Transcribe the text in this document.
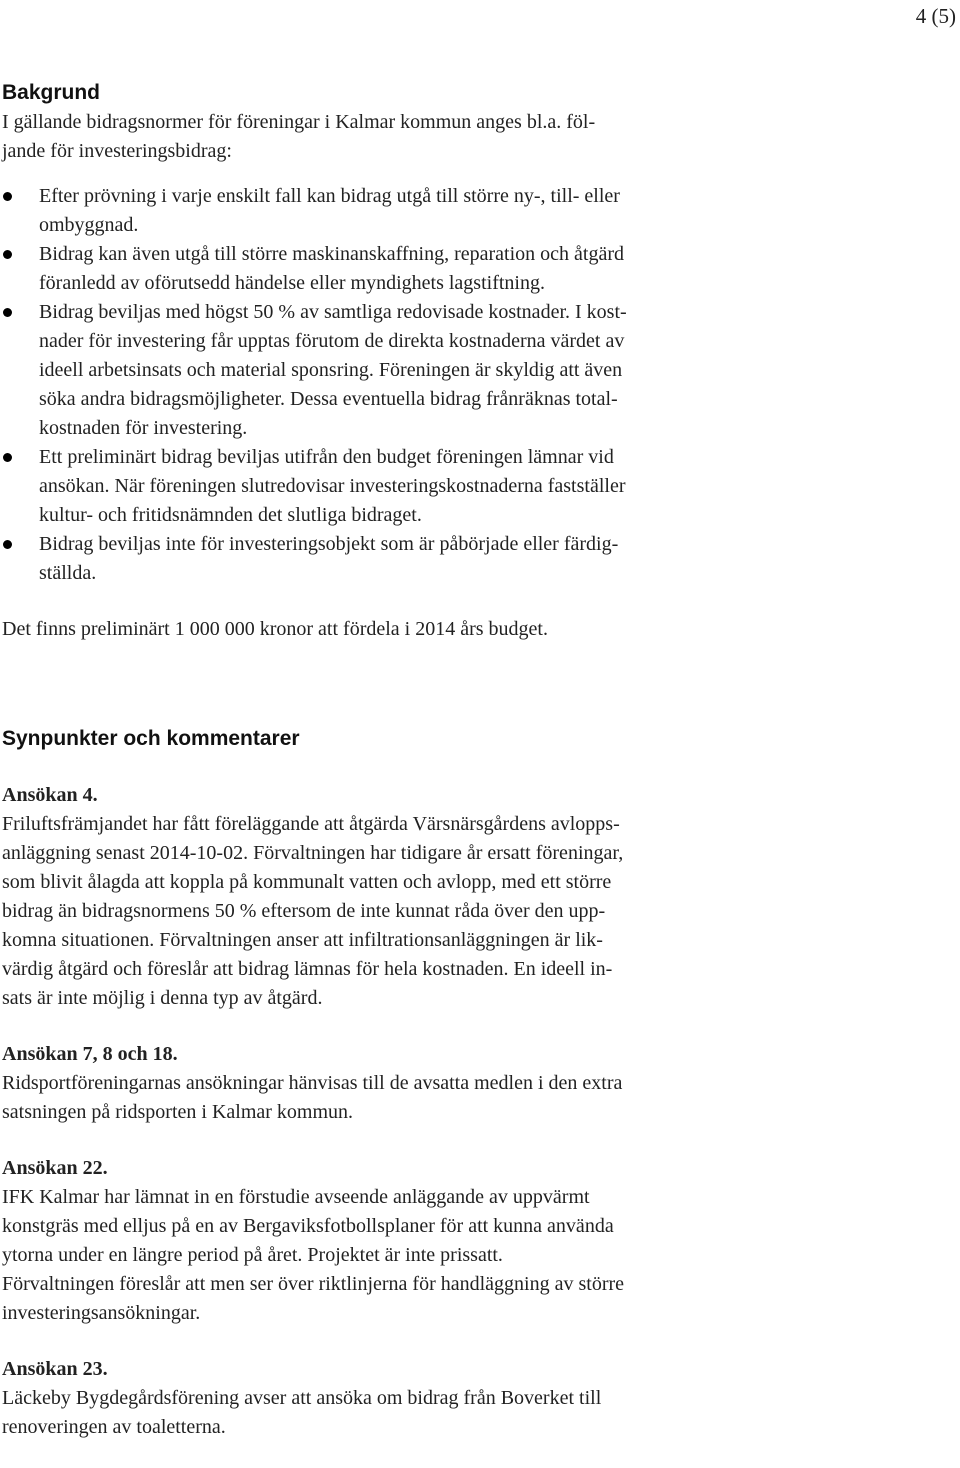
4 (5)
Bakgrund

I gällande bidragsnormer för föreningar i Kalmar kommun anges bl.a. föl-
jande för investeringsbidrag:

Efter prövning i varje enskilt fall kan bidrag utgå till större ny-, till- eller
ombyggnad.
Bidrag kan även utgå till större maskinanskaffning, reparation och åtgärd
föranledd av oförutsedd händelse eller myndighets lagstiftning.
Bidrag beviljas med högst 50 % av samtliga redovisade kostnader. I kost-
nader för investering får upptas förutom de direkta kostnaderna värdet av
ideell arbetsinsats och material sponsring. Föreningen är skyldig att även
söka andra bidragsmöjligheter. Dessa eventuella bidrag frånräknas total-
kostnaden för investering.
Ett preliminärt bidrag beviljas utifrån den budget föreningen lämnar vid
ansökan. När föreningen slutredovisar investeringskostnaderna fastställer
kultur- och fritidsnämnden det slutliga bidraget.
Bidrag beviljas inte för investeringsobjekt som är påbörjade eller färdig-
ställda.

Det finns preliminärt 1 000 000 kronor att fördela i 2014 års budget.

Synpunkter och kommentarer

Ansökan 4.

Friluftsfrämjandet har fått föreläggande att åtgärda Värsnärsgårdens avlopps-
anläggning senast 2014-10-02. Förvaltningen har tidigare år ersatt föreningar,
som blivit ålagda att koppla på kommunalt vatten och avlopp, med ett större
bidrag än bidragsnormens 50 % eftersom de inte kunnat råda över den upp-
komna situationen. Förvaltningen anser att infiltrationsanläggningen är lik-
värdig åtgärd och föreslår att bidrag lämnas för hela kostnaden. En ideell in-
sats är inte möjlig i denna typ av åtgärd.

Ansökan 7, 8 och 18.

Ridsportföreningarnas ansökningar hänvisas till de avsatta medlen i den extra
satsningen på ridsporten i Kalmar kommun.

Ansökan 22.

IFK Kalmar har lämnat in en förstudie avseende anläggande av uppvärmt
konstgräs med elljus på en av Bergaviksfotbollsplaner för att kunna använda
ytorna under en längre period på året. Projektet är inte prissatt.
Förvaltningen föreslår att men ser över riktlinjerna för handläggning av större
investeringsansökningar.

Ansökan 23.

Läckeby Bygdegårdsförening avser att ansöka om bidrag från Boverket till
renoveringen av toaletterna.
